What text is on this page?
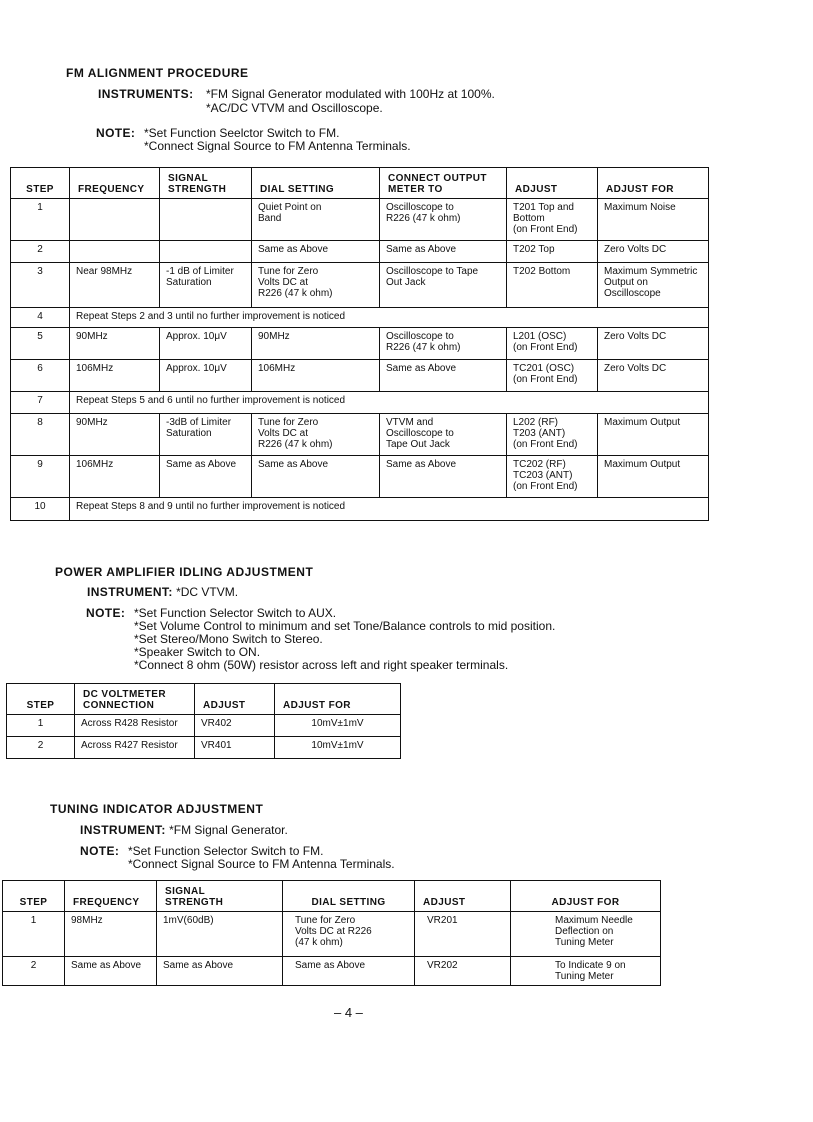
FM ALIGNMENT PROCEDURE
INSTRUMENTS: *FM Signal Generator modulated with 100Hz at 100%.
*AC/DC VTVM and Oscilloscope.
NOTE: *Set Function Seelctor Switch to FM.
*Connect Signal Source to FM Antenna Terminals.
STEP	FREQUENCY	SIGNAL
STRENGTH	DIAL SETTING	CONNECT OUTPUT
METER TO	ADJUST	ADJUST FOR
1			Quiet Point on
Band	Oscilloscope to
R226 (47 k ohm)	T201 Top and
Bottom
(on Front End)	Maximum Noise
2			Same as Above	Same as Above	T202 Top	Zero Volts DC
3	Near 98MHz	-1 dB of Limiter
Saturation	Tune for Zero
Volts DC at
R226 (47 k ohm)	Oscilloscope to Tape
Out Jack	T202 Bottom	Maximum Symmetric
Output on
Oscilloscope
4	Repeat Steps 2 and 3 until no further improvement is noticed					
5	90MHz	Approx. 10μV	90MHz	Oscilloscope to
R226 (47 k ohm)	L201 (OSC)
(on Front End)	Zero Volts DC
6	106MHz	Approx. 10μV	106MHz	Same as Above	TC201 (OSC)
(on Front End)	Zero Volts DC
7	Repeat Steps 5 and 6 until no further improvement is noticed					
8	90MHz	-3dB of Limiter
Saturation	Tune for Zero
Volts DC at
R226 (47 k ohm)	VTVM and
Oscilloscope to
Tape Out Jack	L202 (RF)
T203 (ANT)
(on Front End)	Maximum Output
9	106MHz	Same as Above	Same as Above	Same as Above	TC202 (RF)
TC203 (ANT)
(on Front End)	Maximum Output
10	Repeat Steps 8 and 9 until no further improvement is noticed					
POWER AMPLIFIER IDLING ADJUSTMENT
INSTRUMENT: *DC VTVM.
NOTE: *Set Function Selector Switch to AUX.
*Set Volume Control to minimum and set Tone/Balance controls to mid position.
*Set Stereo/Mono Switch to Stereo.
*Speaker Switch to ON.
*Connect 8 ohm (50W) resistor across left and right speaker terminals.
STEP	DC VOLTMETER
CONNECTION	ADJUST	ADJUST FOR
1	Across R428 Resistor	VR402	10mV±1mV
2	Across R427 Resistor	VR401	10mV±1mV
TUNING INDICATOR ADJUSTMENT
INSTRUMENT: *FM Signal Generator.
NOTE: *Set Function Selector Switch to FM.
*Connect Signal Source to FM Antenna Terminals.
STEP	FREQUENCY	SIGNAL
STRENGTH	DIAL SETTING	ADJUST	ADJUST FOR
1	98MHz	1mV(60dB)	Tune for Zero
Volts DC at R226
(47 k ohm)	VR201	Maximum Needle
Deflection on
Tuning Meter
2	Same as Above	Same as Above	Same as Above	VR202	To Indicate 9 on
Tuning Meter
– 4 –
